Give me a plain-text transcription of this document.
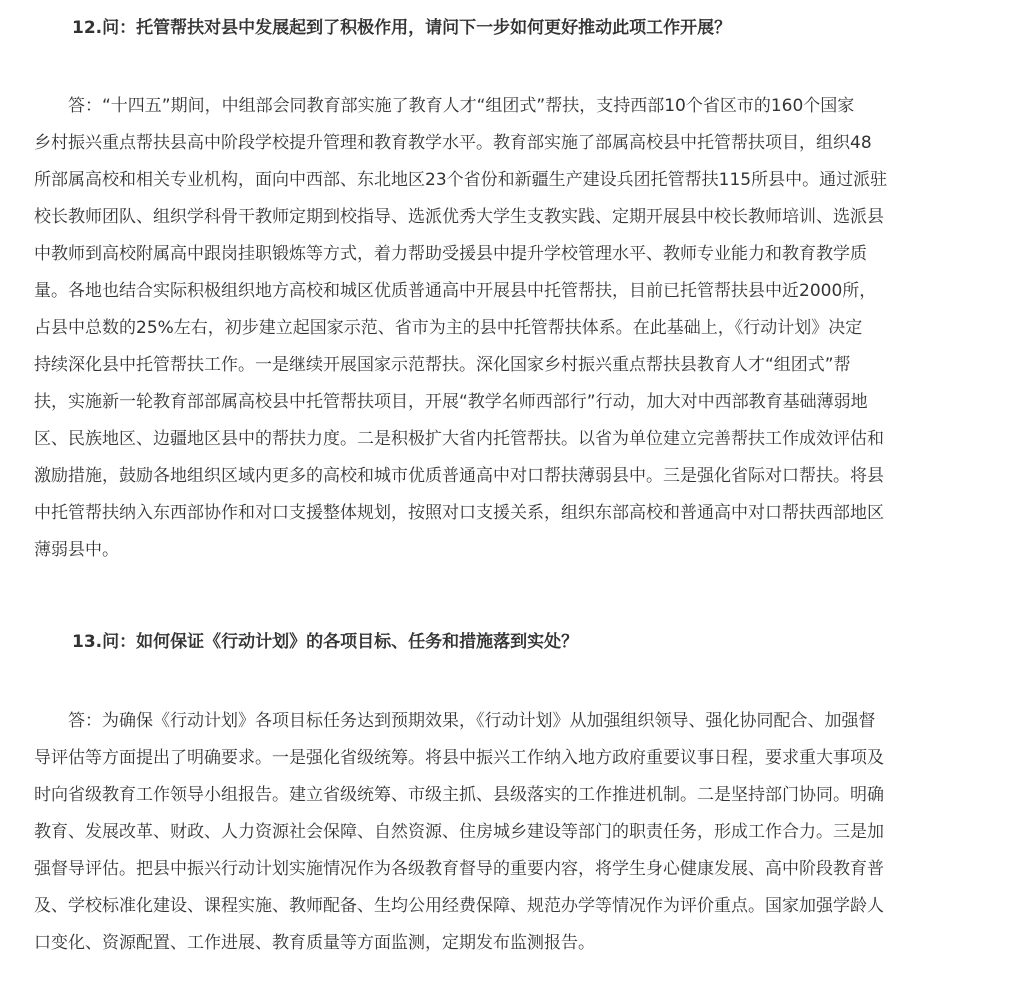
12.问：托管帮扶对县中发展起到了积极作用，请问下一步如何更好推动此项工作开展？
　　答：“十四五”期间，中组部会同教育部实施了教育人才“组团式”帮扶，支持西部10个省区市的160个国家
乡村振兴重点帮扶县高中阶段学校提升管理和教育教学水平。教育部实施了部属高校县中托管帮扶项目，组织48
所部属高校和相关专业机构，面向中西部、东北地区23个省份和新疆生产建设兵团托管帮扶115所县中。通过派驻
校长教师团队、组织学科骨干教师定期到校指导、选派优秀大学生支教实践、定期开展县中校长教师培训、选派县
中教师到高校附属高中跟岗挂职锻炼等方式，着力帮助受援县中提升学校管理水平、教师专业能力和教育教学质
量。各地也结合实际积极组织地方高校和城区优质普通高中开展县中托管帮扶，目前已托管帮扶县中近2000所，
占县中总数的25%左右，初步建立起国家示范、省市为主的县中托管帮扶体系。在此基础上，《行动计划》决定
持续深化县中托管帮扶工作。一是继续开展国家示范帮扶。深化国家乡村振兴重点帮扶县教育人才“组团式”帮
扶，实施新一轮教育部部属高校县中托管帮扶项目，开展“教学名师西部行”行动，加大对中西部教育基础薄弱地
区、民族地区、边疆地区县中的帮扶力度。二是积极扩大省内托管帮扶。以省为单位建立完善帮扶工作成效评估和
激励措施，鼓励各地组织区域内更多的高校和城市优质普通高中对口帮扶薄弱县中。三是强化省际对口帮扶。将县
中托管帮扶纳入东西部协作和对口支援整体规划，按照对口支援关系，组织东部高校和普通高中对口帮扶西部地区
薄弱县中。
13.问：如何保证《行动计划》的各项目标、任务和措施落到实处？
　　答：为确保《行动计划》各项目标任务达到预期效果，《行动计划》从加强组织领导、强化协同配合、加强督
导评估等方面提出了明确要求。一是强化省级统筹。将县中振兴工作纳入地方政府重要议事日程，要求重大事项及
时向省级教育工作领导小组报告。建立省级统筹、市级主抓、县级落实的工作推进机制。二是坚持部门协同。明确
教育、发展改革、财政、人力资源社会保障、自然资源、住房城乡建设等部门的职责任务，形成工作合力。三是加
强督导评估。把县中振兴行动计划实施情况作为各级教育督导的重要内容，将学生身心健康发展、高中阶段教育普
及、学校标准化建设、课程实施、教师配备、生均公用经费保障、规范办学等情况作为评价重点。国家加强学龄人
口变化、资源配置、工作进展、教育质量等方面监测，定期发布监测报告。
